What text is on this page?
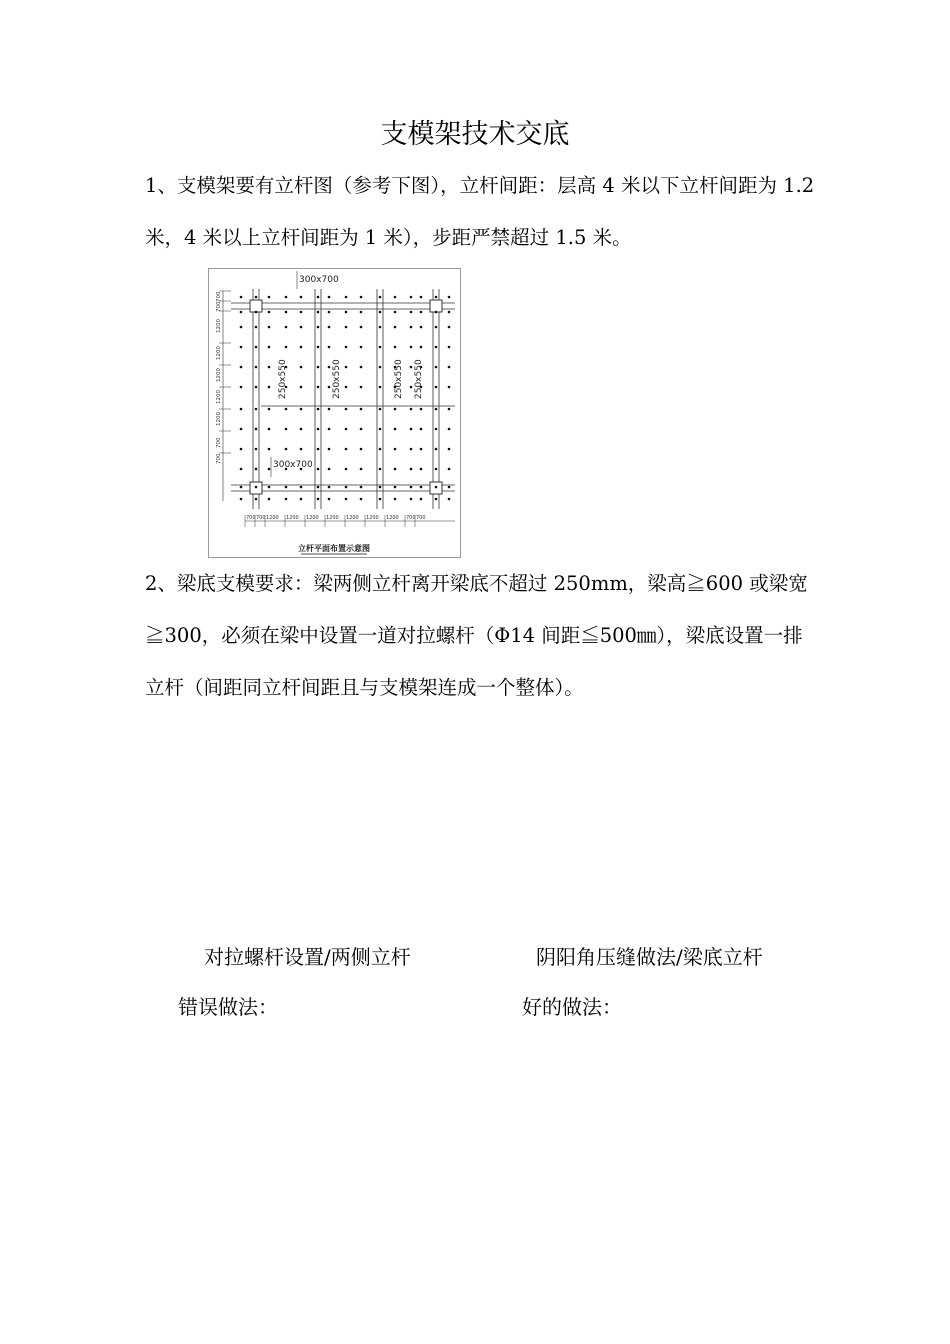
支模架技术交底

1、支模架要有立杆图（参考下图），立杆间距：层高 4 米以下立杆间距为 1.2 米，4 米以上立杆间距为 1 米），步距严禁超过 1.5 米。

300x700
300x700
250x550	250x550	250x550 250x550
700
700
1200
1200
1200
1200
1200
700
700
700 700 1200 1200 1200 1200 1200 1200 1200 700 700
立杆平面布置示意图

2、梁底支模要求：梁两侧立杆离开梁底不超过 250mm，梁高≧600 或梁宽≧300，必须在梁中设置一道对拉螺杆（Φ14 间距≦500㎜），梁底设置一排立杆（间距同立杆间距且与支模架连成一个整体）。

对拉螺杆设置/两侧立杆
错误做法：
阴阳角压缝做法/梁底立杆
好的做法：
